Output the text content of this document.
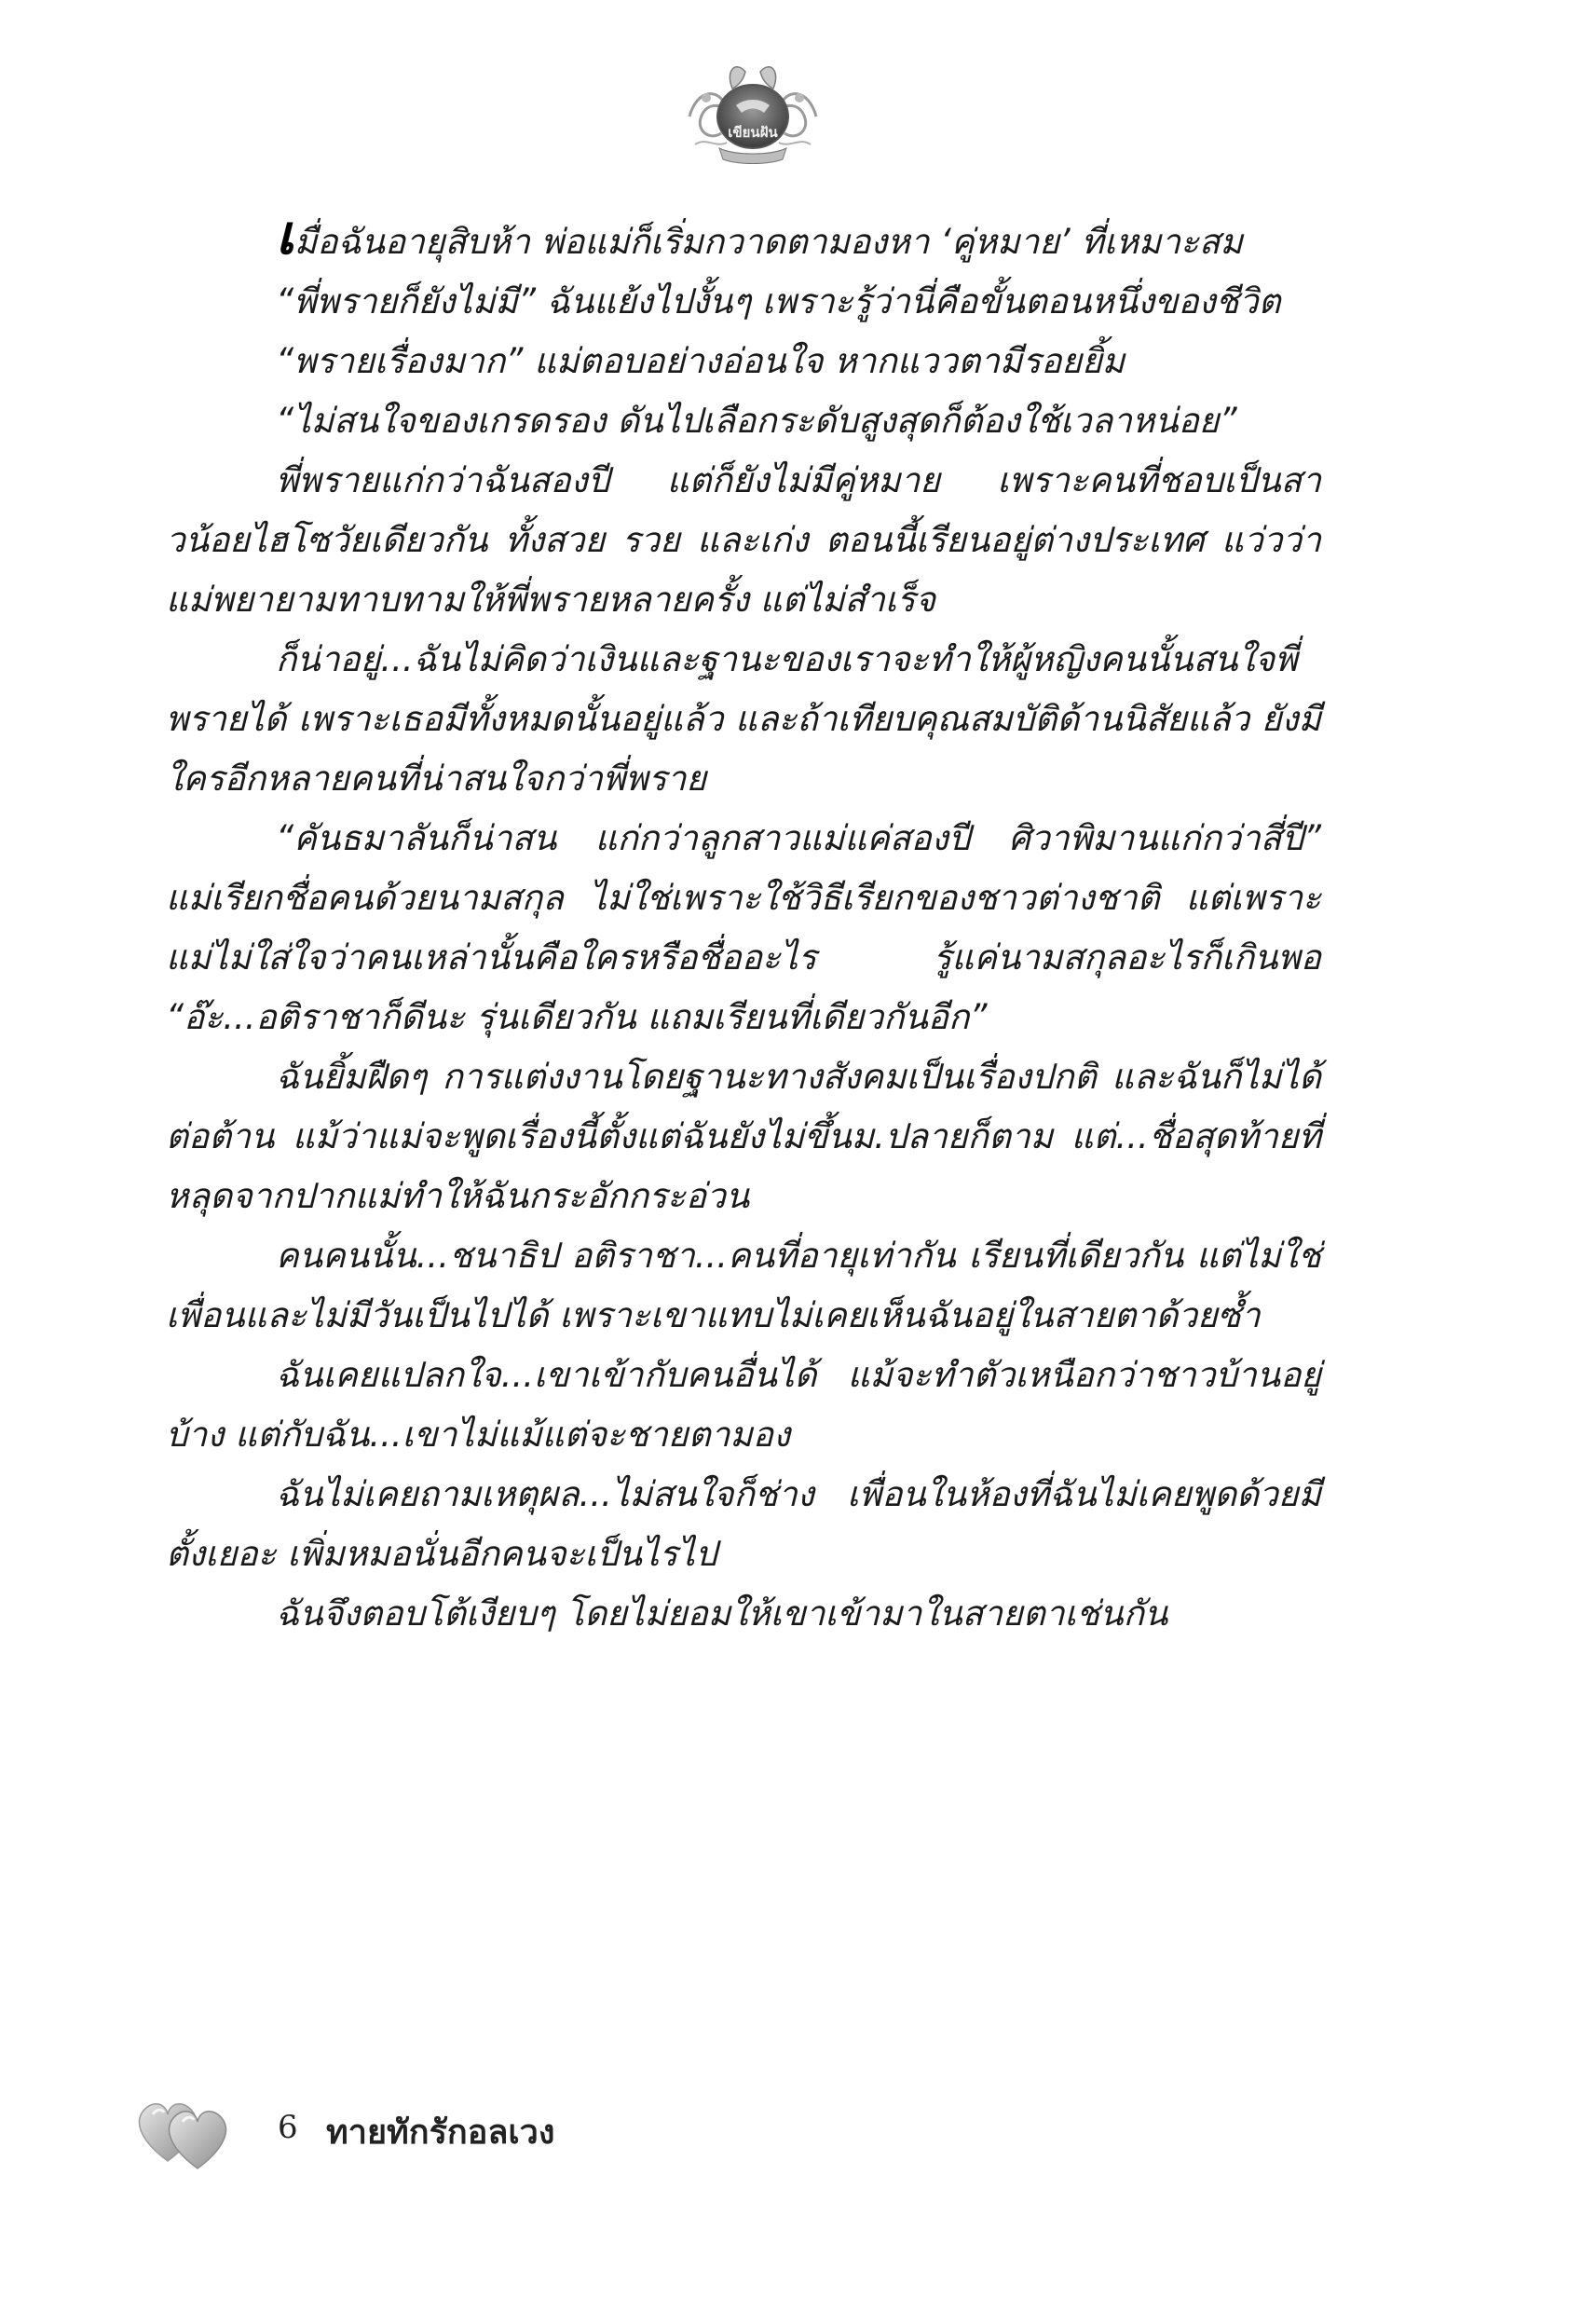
เขียนฝัน

เมื่อฉันอายุสิบห้า พ่อแม่ก็เริ่มกวาดตามองหา ‘คู่หมาย’ ที่เหมาะสม

“พี่พรายก็ยังไม่มี” ฉันแย้งไปงั้นๆ เพราะรู้ว่านี่คือขั้นตอนหนึ่งของชีวิต

“พรายเรื่องมาก” แม่ตอบอย่างอ่อนใจ หากแววตามีรอยยิ้ม

“ไม่สนใจของเกรดรอง ดันไปเลือกระดับสูงสุดก็ต้องใช้เวลาหน่อย”

พี่พรายแก่กว่าฉันสองปี แต่ก็ยังไม่มีคู่หมาย เพราะคนที่ชอบเป็นสาวน้อยไฮโซวัยเดียวกัน ทั้งสวย รวย และเก่ง ตอนนี้เรียนอยู่ต่างประเทศ แว่วว่าแม่พยายามทาบทามให้พี่พรายหลายครั้ง แต่ไม่สำเร็จ

ก็น่าอยู่...ฉันไม่คิดว่าเงินและฐานะของเราจะทำให้ผู้หญิงคนนั้นสนใจพี่พรายได้ เพราะเธอมีทั้งหมดนั้นอยู่แล้ว และถ้าเทียบคุณสมบัติด้านนิสัยแล้ว ยังมีใครอีกหลายคนที่น่าสนใจกว่าพี่พราย

“คันธมาลันก็น่าสน แก่กว่าลูกสาวแม่แค่สองปี ศิวาพิมานแก่กว่าสี่ปี” แม่เรียกชื่อคนด้วยนามสกุล ไม่ใช่เพราะใช้วิธีเรียกของชาวต่างชาติ แต่เพราะแม่ไม่ใส่ใจว่าคนเหล่านั้นคือใครหรือชื่ออะไร รู้แค่นามสกุลอะไรก็เกินพอ “อ๊ะ...อติราชาก็ดีนะ รุ่นเดียวกัน แถมเรียนที่เดียวกันอีก”

ฉันยิ้มฝืดๆ การแต่งงานโดยฐานะทางสังคมเป็นเรื่องปกติ และฉันก็ไม่ได้ต่อต้าน แม้ว่าแม่จะพูดเรื่องนี้ตั้งแต่ฉันยังไม่ขึ้นม.ปลายก็ตาม แต่...ชื่อสุดท้ายที่หลุดจากปากแม่ทำให้ฉันกระอักกระอ่วน

คนคนนั้น...ชนาธิป อติราชา...คนที่อายุเท่ากัน เรียนที่เดียวกัน แต่ไม่ใช่เพื่อนและไม่มีวันเป็นไปได้ เพราะเขาแทบไม่เคยเห็นฉันอยู่ในสายตาด้วยซ้ำ

ฉันเคยแปลกใจ...เขาเข้ากับคนอื่นได้ แม้จะทำตัวเหนือกว่าชาวบ้านอยู่บ้าง แต่กับฉัน...เขาไม่แม้แต่จะชายตามอง

ฉันไม่เคยถามเหตุผล...ไม่สนใจก็ช่าง เพื่อนในห้องที่ฉันไม่เคยพูดด้วยมีตั้งเยอะ เพิ่มหมอนั่นอีกคนจะเป็นไรไป

ฉันจึงตอบโต้เงียบๆ โดยไม่ยอมให้เขาเข้ามาในสายตาเช่นกัน

6 ทายทักรักอลเวง
